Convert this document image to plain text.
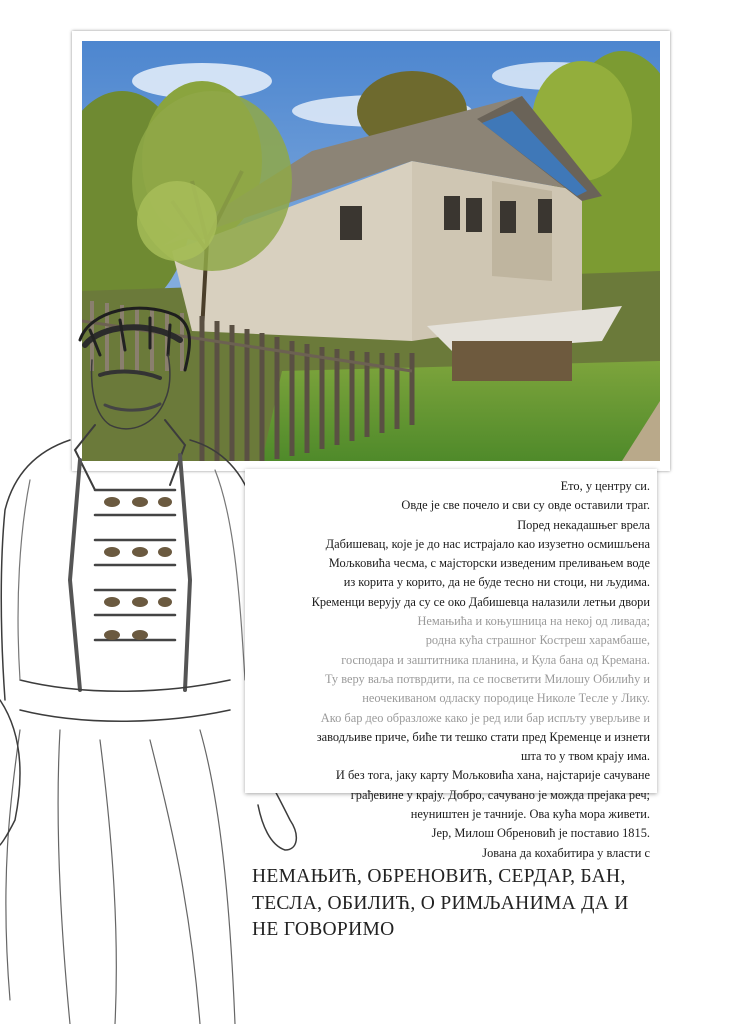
Ето, у центру си.
Овде је све почело и сви су овде оставили траг.
Поред некадашњег врела
Дабишевац, које је до нас истрајало као изузетно осмишљена
Мољковића чесма, с мајсторски изведеним преливањем воде
из корита у корито, да не буде тесно ни стоци, ни људима.
Кременци верују да су се око Дабишевца налазили летњи двори
Немањића и коњушница на некој од ливада;
родна кућа страшног Костреш харамбаше,
господара и заштитника планина, и Кула бана од Кремана.
Ту веру ваља потврдити, па се посветити Милошу Обилићу и
неочекиваном одласку породице Николе Тесле у Лику.
Ако бар део образложе како је ред или бар испљту уверљиве и
заводљиве приче, биће ти тешко стати пред Кременце и изнети
шта то у твом крају има.
И без тога, јаку карту Мољковића хана, најстарије сачуване
грађевине у крају. Добро, сачувано је можда прејака реч;
неуништен је тачније. Ова кућа мора живети.
Јер, Милош Обреновић је поставио 1815.
Јована да кохабитира у власти с
НЕМАЊИЋ, ОБРЕНОВИЋ, СЕРДАР, БАН,
ТЕСЛА, ОБИЛИЋ, О РИМЉАНИМА ДА И
НЕ ГОВОРИМО
